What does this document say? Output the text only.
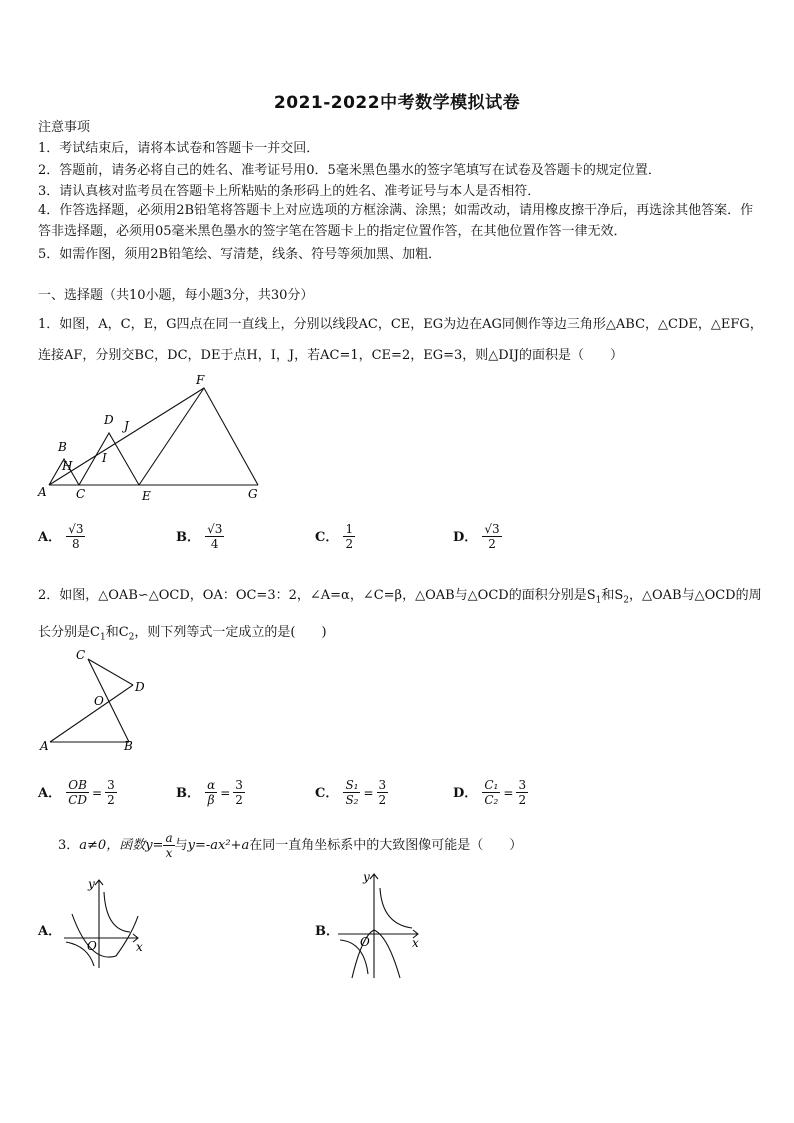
2021-2022中考数学模拟试卷
注意事项
1．考试结束后，请将本试卷和答题卡一并交回．
2．答题前，请务必将自己的姓名、准考证号用0．5毫米黑色墨水的签字笔填写在试卷及答题卡的规定位置．
3．请认真核对监考员在答题卡上所粘贴的条形码上的姓名、准考证号与本人是否相符．
4．作答选择题，必须用2B铅笔将答题卡上对应选项的方框涂满、涂黑；如需改动，请用橡皮擦干净后，再选涂其他答案．作答非选择题，必须用05毫米黑色墨水的签字笔在答题卡上的指定位置作答，在其他位置作答一律无效．
5．如需作图，须用2B铅笔绘、写清楚，线条、符号等须加黑、加粗．
一、选择题（共10小题，每小题3分，共30分）
1．如图，A，C，E，G四点在同一直线上，分别以线段AC，CE，EG为边在AG同侧作等边三角形△ABC，△CDE，△EFG，连接AF，分别交BC，DC，DE于点H，I，J，若AC=1，CE=2，EG=3，则△DIJ的面积是（　　）
A
B
C
D
E
F
G
H
I
J
A． $\frac{√3}{8}$	B． $\frac{√3}{4}$	C． $\frac{1}{2}$	D． $\frac{√3}{2}$
2．如图，△OAB∽△OCD，OA：OC=3：2，∠A=α，∠C=β，△OAB与△OCD的面积分别是$S_1$和$S_2$，△OAB与△OCD的周长分别是$C_1$和$C_2$，则下列等式一定成立的是(　　)
C
D
O
A	B
A． $\frac{OB}{CD} = \frac{3}{2}$	B． $\frac{\alpha}{\beta} = \frac{3}{2}$	C． $\frac{\text{S₁}}{\text{S₂}} = \frac{3}{2}$	D． $\frac{\text{C₁}}{\text{C₂}} = \frac{3}{2}$
3．a≠0，函数$y= \frac{a}{x}$ 与y=-ax²+a在同一直角坐标系中的大致图像可能是（　　）
A．
x
y
O
B．
x
y
O
